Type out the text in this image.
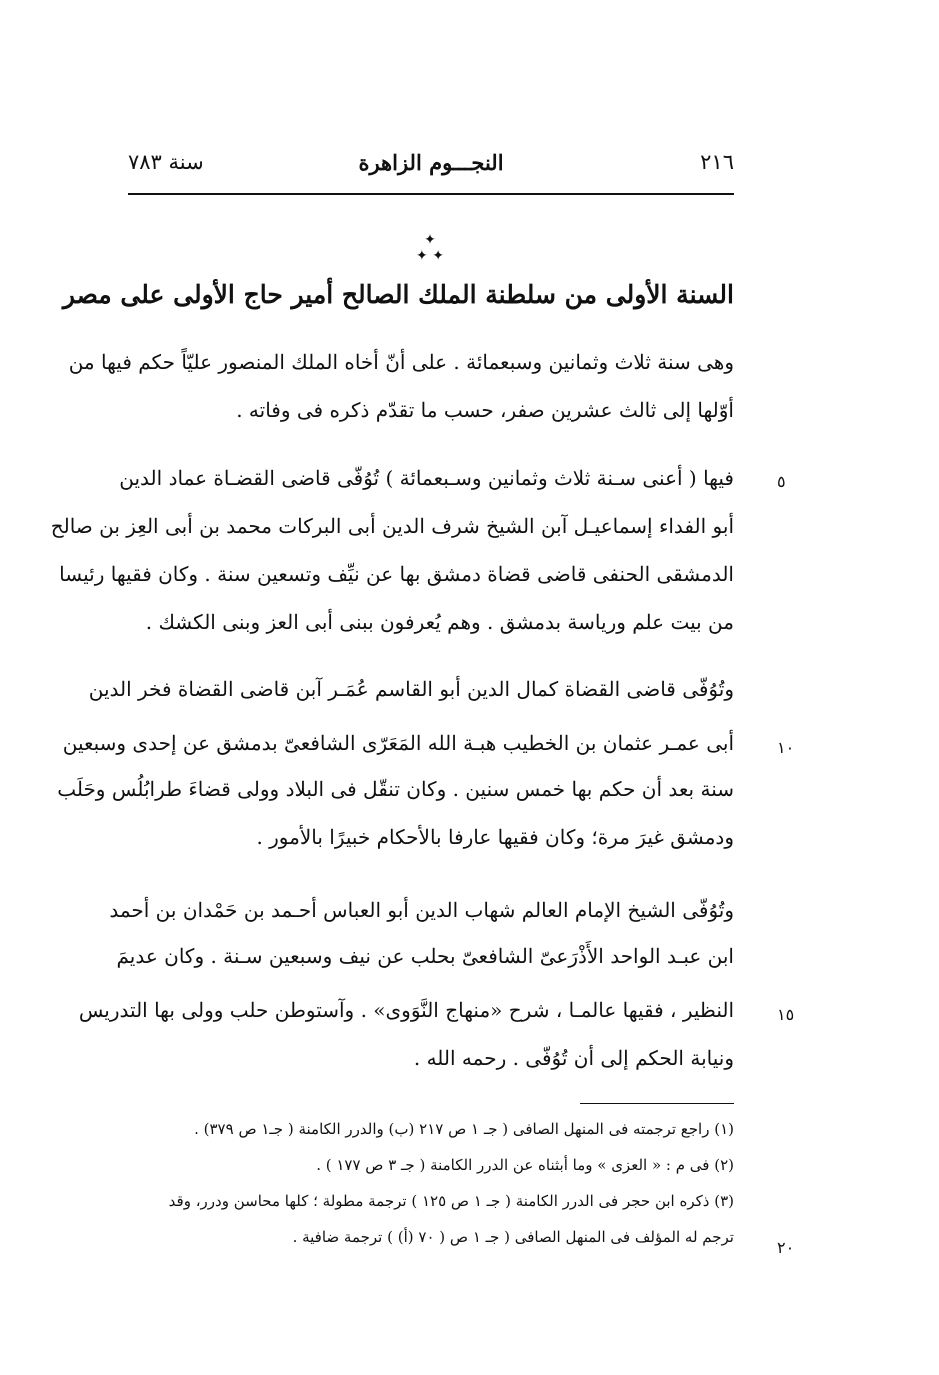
٢١٦
النجـــوم الزاهرة
سنة ٧٨٣
✦
✦ ✦
السنة الأولى من سلطنة الملك الصالح أمير حاج الأولى على مصر
وهى سنة ثلاث وثمانين وسبعمائة . على أنّ أخاه الملك المنصور عليّاً حكم فيها من
أوّلها إلى ثالث عشرين صفر، حسب ما تقدّم ذكره فى وفاته .
٥
فيها ( أعنى سـنة ثلاث وثمانين وسـبعمائة ) تُوُفّى قاضى القضـاة عماد الدين
أبو الفداء إسماعيـل آبن الشيخ شرف الدين أبى البركات محمد بن أبى العِز بن صالح
الدمشقى الحنفى قاضى قضاة دمشق بها عن نيِّف وتسعين سنة . وكان فقيها رئيسا
من بيت علم ورياسة بدمشق . وهم يُعرفون ببنى أبى العز وبنى الكشك .
وتُوُفّى قاضى القضاة كمال الدين أبو القاسم عُمَـر آبن قاضى القضاة فخر الدين
١٠
أبى عمـر عثمان بن الخطيب هبـة الله المَعَرّى الشافعىّ بدمشق عن إحدى وسبعين
سنة بعد أن حكم بها خمس سنين . وكان تنقّل فى البلاد وولى قضاءَ طرابُلُس وحَلَب
ودمشق غيرَ مرة؛ وكان فقيها عارفا بالأحكام خبيرًا بالأمور .
وتُوُفّى الشيخ الإمام العالم شهاب الدين أبو العباس أحـمد بن حَمْدان بن أحمد
ابن عبـد الواحد الأَذْرَعىّ الشافعىّ بحلب عن نيف وسبعين سـنة . وكان عديمَ
١٥
النظير ، فقيها عالمـا ، شرح «منهاج النَّوَوى» . وآستوطن حلب وولى بها التدريس
ونيابة الحكم إلى أن تُوُفّى . رحمه الله .
(١) راجع ترجمته فى المنهل الصافى ( جـ ١ ص ٢١٧ (ب) والدرر الكامنة ( جـ١ ص ٣٧٩) .
(٢) فى م : « العزى » وما أبثناه عن الدرر الكامنة ( جـ ٣ ص ١٧٧ ) .
(٣) ذكره ابن حجر فى الدرر الكامنة ( جـ ١ ص ١٢٥ ) ترجمة مطولة ؛ كلها محاسن ودرر، وقد
٢٠
ترجم له المؤلف فى المنهل الصافى ( جـ ١ ص ( ٧٠ (أ) ) ترجمة ضافية .
